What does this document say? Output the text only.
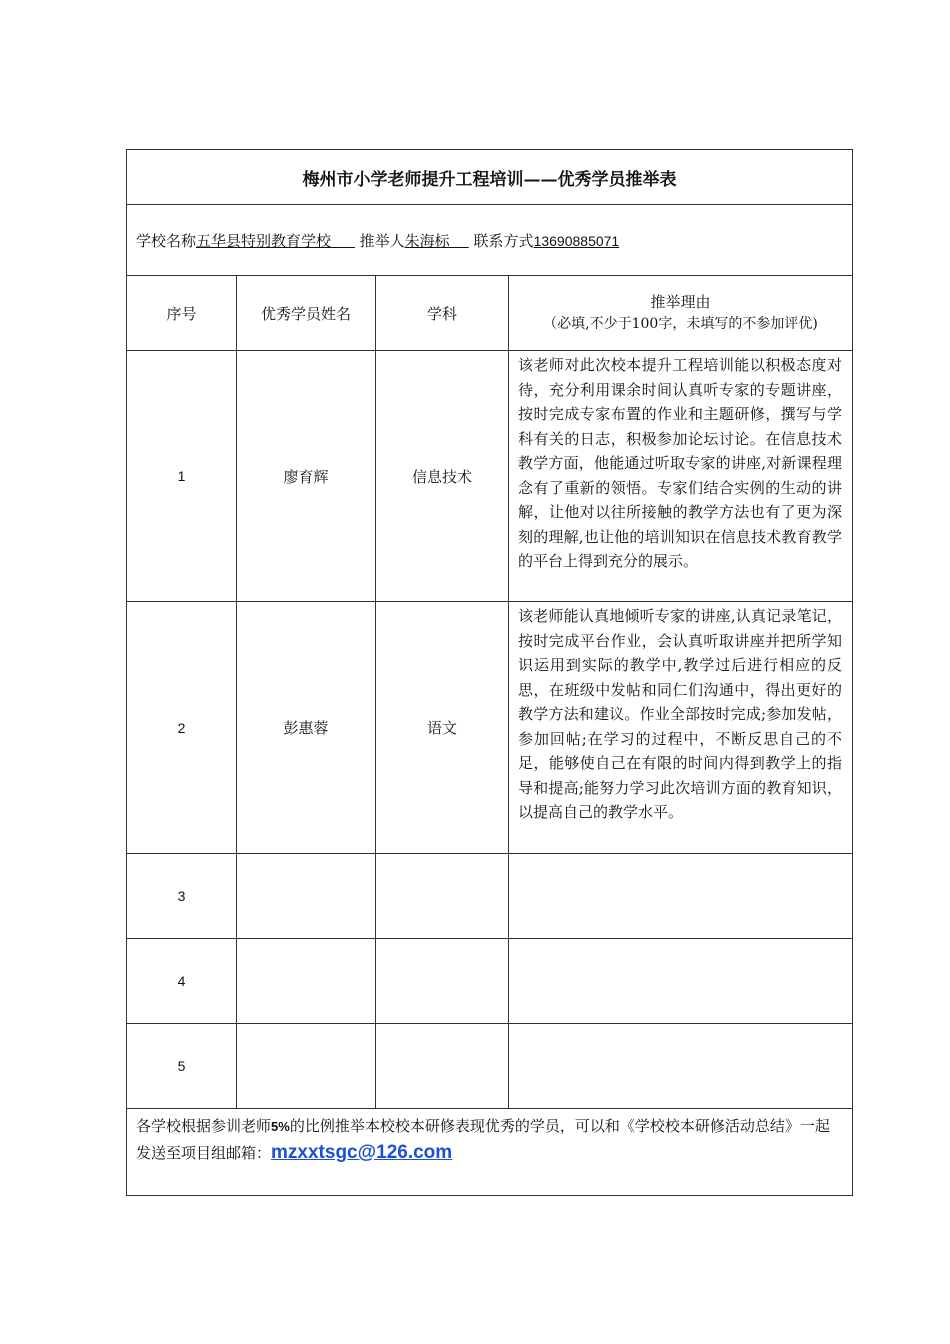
梅州市小学老师提升工程培训——优秀学员推举表			
学校名称五华县特别教育学校 推举人朱海标 联系方式13690885071			
序号	优秀学员姓名	学科	推举理由
（必填,不少于100字，未填写的不参加评优)

1	廖育辉	信息技术	该老师对此次校本提升工程培训能以积极态度对待，充分利用课余时间认真听专家的专题讲座，按时完成专家布置的作业和主题研修，撰写与学科有关的日志，积极参加论坛讨论。在信息技术教学方面，他能通过听取专家的讲座,对新课程理念有了重新的领悟。专家们结合实例的生动的讲解，让他对以往所接触的教学方法也有了更为深刻的理解,也让他的培训知识在信息技术教育教学的平台上得到充分的展示。
2	彭惠蓉	语文	该老师能认真地倾听专家的讲座,认真记录笔记，按时完成平台作业，会认真听取讲座并把所学知识运用到实际的教学中,教学过后进行相应的反思，在班级中发帖和同仁们沟通中，得出更好的教学方法和建议。作业全部按时完成;参加发帖，参加回帖;在学习的过程中，不断反思自己的不足，能够使自己在有限的时间内得到教学上的指导和提高;能努力学习此次培训方面的教育知识，以提高自己的教学水平。
3			
4			
5			
各学校根据参训老师5%的比例推举本校校本研修表现优秀的学员，可以和《学校校本研修活动总结》一起发送至项目组邮箱：mzxxtsgc@126.com			
